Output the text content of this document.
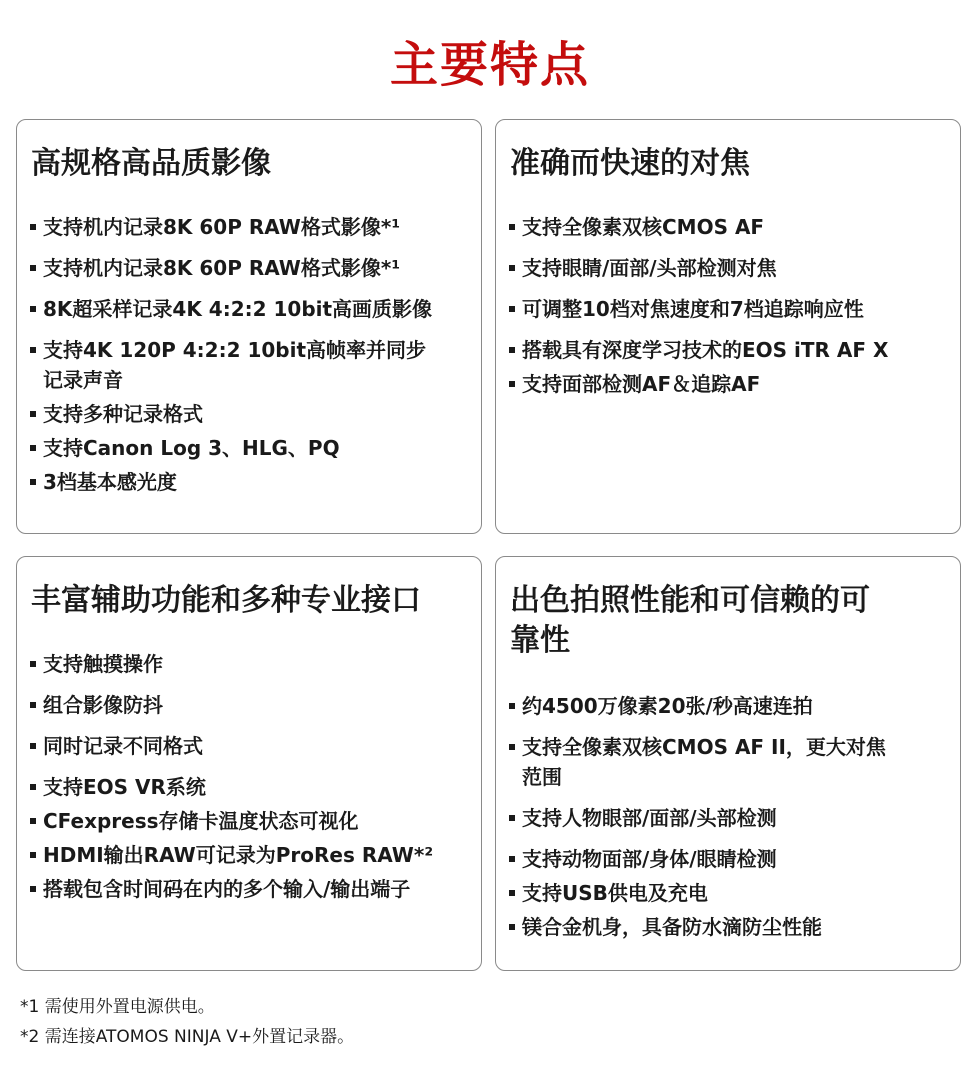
主要特点
高规格高品质影像
支持机内记录8K 60P RAW格式影像*¹
支持机内记录8K 60P RAW格式影像*¹
8K超采样记录4K 4:2:2 10bit高画质影像
支持4K 120P 4:2:2 10bit高帧率并同步记录声音
支持多种记录格式
支持Canon Log 3、HLG、PQ
3档基本感光度
准确而快速的对焦
支持全像素双核CMOS AF
支持眼睛/面部/头部检测对焦
可调整10档对焦速度和7档追踪响应性
搭载具有深度学习技术的EOS iTR AF X
支持面部检测AF＆追踪AF
丰富辅助功能和多种专业接口
支持触摸操作
组合影像防抖
同时记录不同格式
支持EOS VR系统
CFexpress存储卡温度状态可视化
HDMI输出RAW可记录为ProRes RAW*²
搭载包含时间码在内的多个输入/输出端子
出色拍照性能和可信赖的可靠性
约4500万像素20张/秒高速连拍
支持全像素双核CMOS AF II，更大对焦范围
支持人物眼部/面部/头部检测
支持动物面部/身体/眼睛检测
支持USB供电及充电
镁合金机身，具备防水滴防尘性能
*1 需使用外置电源供电。
*2 需连接ATOMOS NINJA V+外置记录器。
